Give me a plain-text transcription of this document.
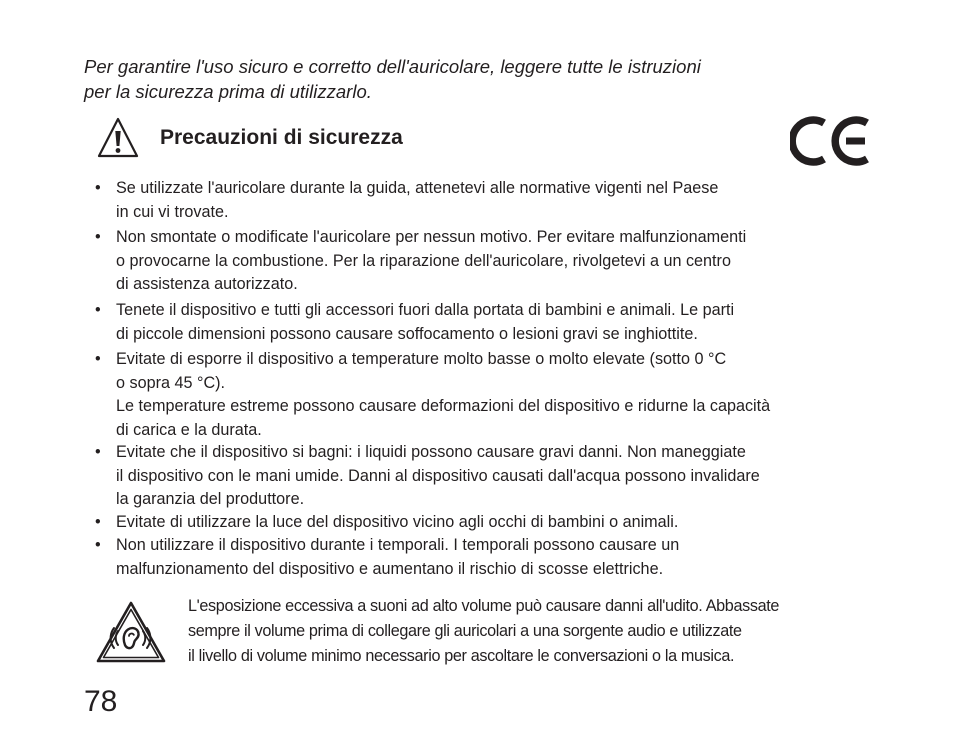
Per garantire l'uso sicuro e corretto dell'auricolare, leggere tutte le istruzioni
per la sicurezza prima di utilizzarlo.
Precauzioni di sicurezza
• Se utilizzate l'auricolare durante la guida, attenetevi alle normative vigenti nel Paese
in cui vi trovate.
• Non smontate o modificate l'auricolare per nessun motivo. Per evitare malfunzionamenti
o provocarne la combustione. Per la riparazione dell'auricolare, rivolgetevi a un centro
di assistenza autorizzato.
• Tenete il dispositivo e tutti gli accessori fuori dalla portata di bambini e animali. Le parti
di piccole dimensioni possono causare soffocamento o lesioni gravi se inghiottite.
• Evitate di esporre il dispositivo a temperature molto basse o molto elevate (sotto 0 °C
o sopra 45 °C).
Le temperature estreme possono causare deformazioni del dispositivo e ridurne la capacità
di carica e la durata.
• Evitate che il dispositivo si bagni: i liquidi possono causare gravi danni. Non maneggiate
il dispositivo con le mani umide. Danni al dispositivo causati dall'acqua possono invalidare
la garanzia del produttore.
• Evitate di utilizzare la luce del dispositivo vicino agli occhi di bambini o animali.
• Non utilizzare il dispositivo durante i temporali. I temporali possono causare un
malfunzionamento del dispositivo e aumentano il rischio di scosse elettriche.
L'esposizione eccessiva a suoni ad alto volume può causare danni all'udito. Abbassate
sempre il volume prima di collegare gli auricolari a una sorgente audio e utilizzate
il livello di volume minimo necessario per ascoltare le conversazioni o la musica.
78
